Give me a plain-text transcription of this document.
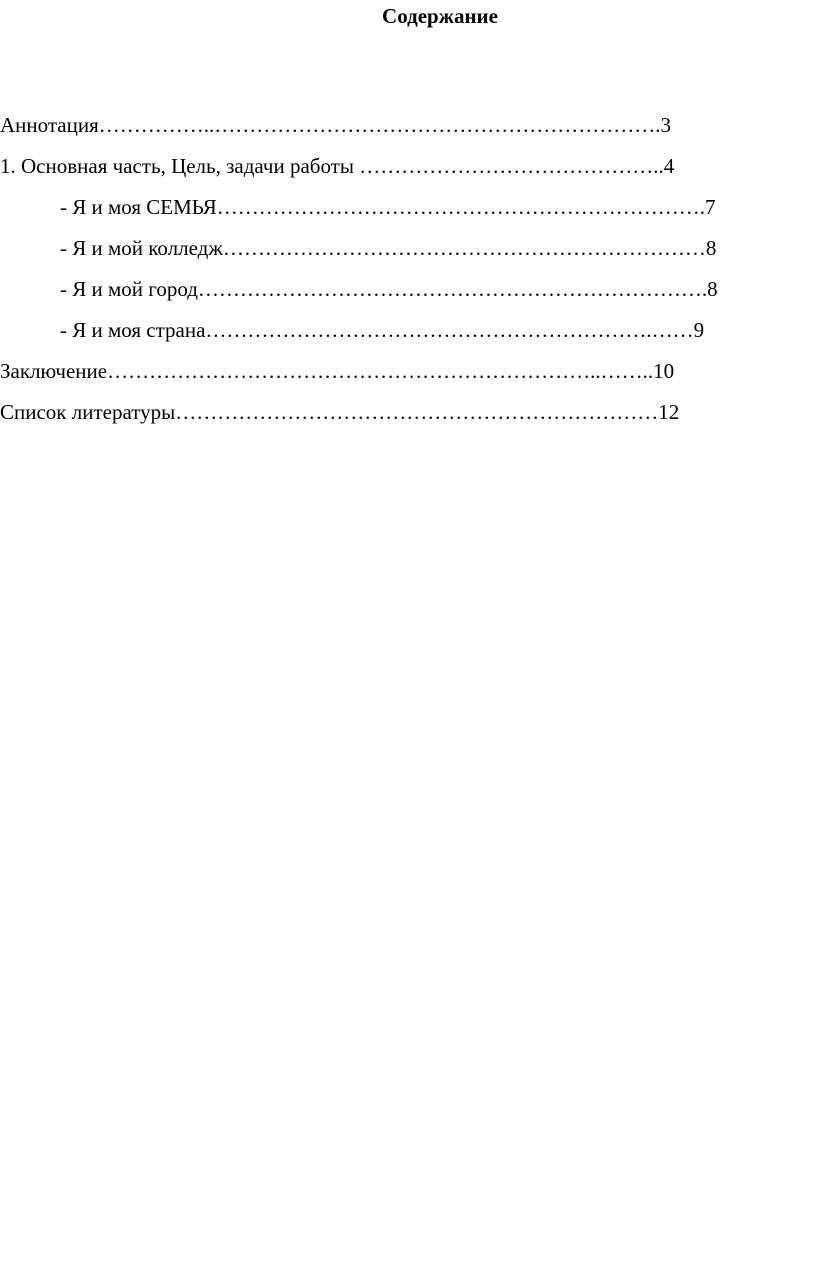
Содержание
Аннотация……………..……………………………………………………….3
1. Основная часть, Цель, задачи работы ……………………………………..4
- Я и моя СЕМЬЯ…………………………………………………………….7
- Я и мой колледж……………………………………………………………8
- Я и мой город……………………………………………………………….8
- Я и моя страна……………………………………………………….……9
Заключение……………………………………………………………..……..10
Список литературы……………………………………………………………12
